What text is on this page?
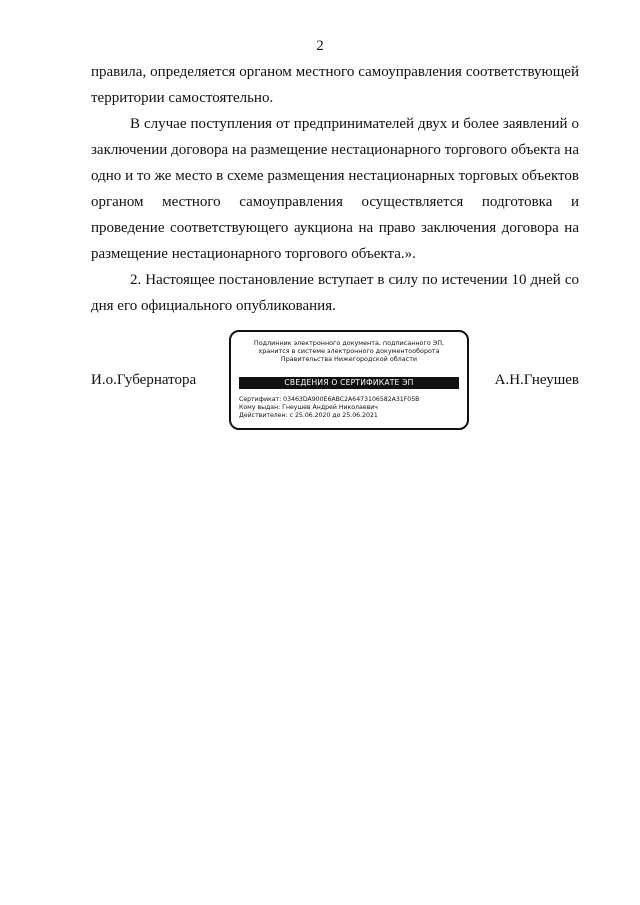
2

правила, определяется органом местного самоуправления соответствующей территории самостоятельно.

В случае поступления от предпринимателей двух и более заявлений о заключении договора на размещение нестационарного торгового объекта на одно и то же место в схеме размещения нестационарных торговых объектов органом местного самоуправления осуществляется подготовка и проведение соответствующего аукциона на право заключения договора на размещение нестационарного торгового объекта.».

2. Настоящее постановление вступает в силу по истечении 10 дней со дня его официального опубликования.

И.о.Губернатора
Подлинник электронного документа, подписанного ЭП,
хранится в системе электронного документооборота
Правительства Нижегородской области
СВЕДЕНИЯ О СЕРТИФИКАТЕ ЭП
Сертификат: 03463DA900E6ABC2A6473106582A31F05B
Кому выдан: Гнеушев Андрей Николаевич
Действителен: с 25.06.2020 до 25.06.2021
А.Н.Гнеушев
